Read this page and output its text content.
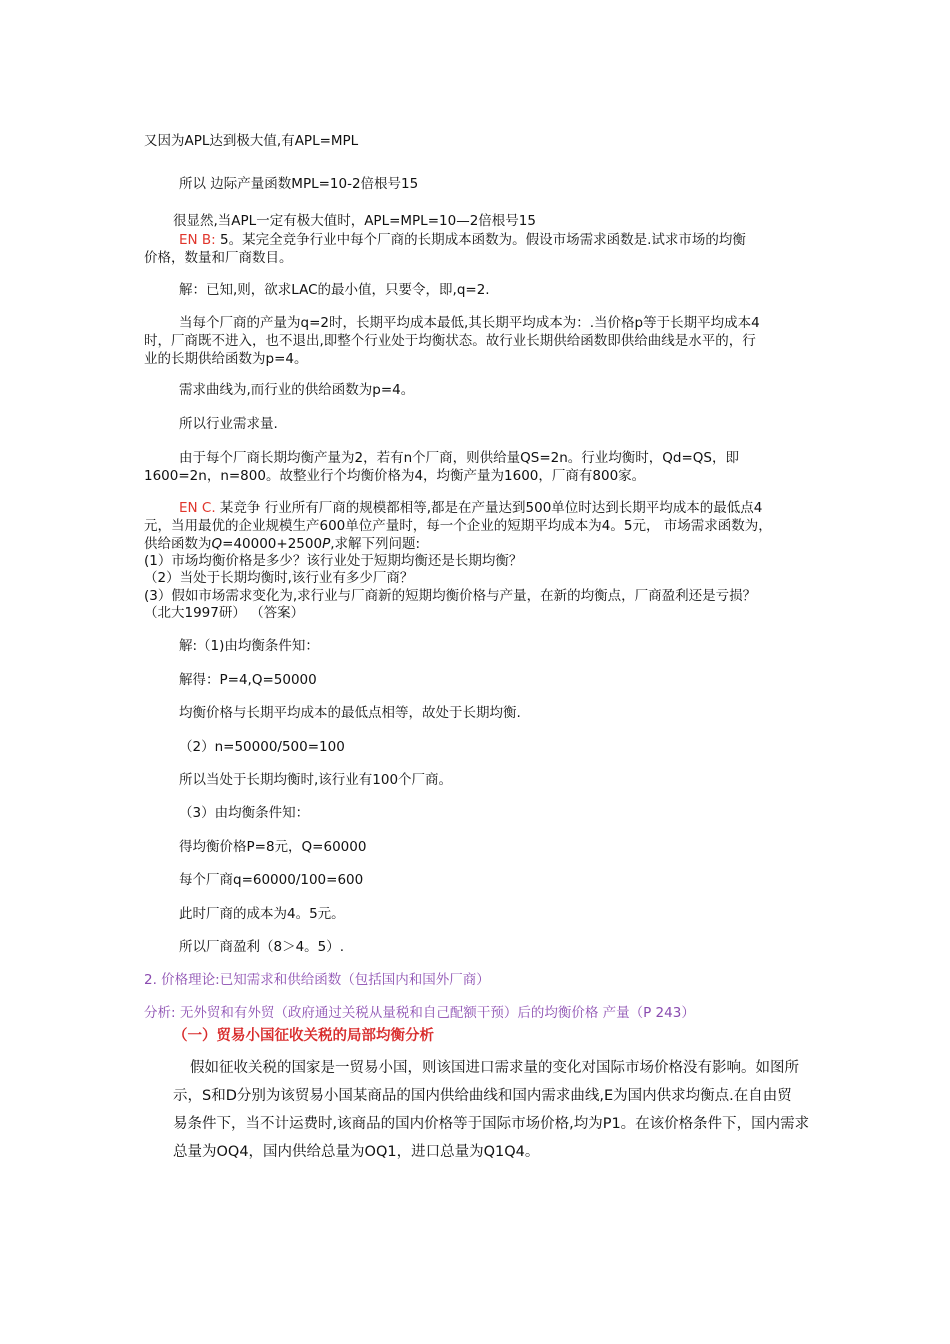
又因为APL达到极大值,有APL=MPL
所以 边际产量函数MPL=10-2倍根号15
很显然,当APL一定有极大值时，APL=MPL=10—2倍根号15
EN B: 5。某完全竞争行业中每个厂商的长期成本函数为。假设市场需求函数是.试求市场的均衡
价格，数量和厂商数目。
解：已知,则，欲求LAC的最小值，只要令，即,q=2.
当每个厂商的产量为q=2时，长期平均成本最低,其长期平均成本为：.当价格p等于长期平均成本4
时，厂商既不进入，也不退出,即整个行业处于均衡状态。故行业长期供给函数即供给曲线是水平的，行
业的长期供给函数为p=4。
需求曲线为,而行业的供给函数为p=4。
所以行业需求量.
由于每个厂商长期均衡产量为2，若有n个厂商，则供给量QS=2n。行业均衡时，Qd=QS，即
1600=2n，n=800。故整业行个均衡价格为4，均衡产量为1600，厂商有800家。
EN C. 某竞争 行业所有厂商的规模都相等,都是在产量达到500单位时达到长期平均成本的最低点4
元，当用最优的企业规模生产600单位产量时，每一个企业的短期平均成本为4。5元， 市场需求函数为，
供给函数为Q=40000+2500P,求解下列问题:
(1）市场均衡价格是多少？该行业处于短期均衡还是长期均衡？
（2）当处于长期均衡时,该行业有多少厂商？
(3）假如市场需求变化为,求行业与厂商新的短期均衡价格与产量，在新的均衡点，厂商盈利还是亏损？
（北大1997研） （答案）
解:（1)由均衡条件知：
解得：P=4,Q=50000
均衡价格与长期平均成本的最低点相等，故处于长期均衡.
（2）n=50000/500=100
所以当处于长期均衡时,该行业有100个厂商。
（3）由均衡条件知：
得均衡价格P=8元，Q=60000
每个厂商q=60000/100=600
此时厂商的成本为4。5元。
所以厂商盈利（8＞4。5）.
2. 价格理论:已知需求和供给函数（包括国内和国外厂商）
分析: 无外贸和有外贸（政府通过关税从量税和自己配额干预）后的均衡价格 产量（P 243）
（一）贸易小国征收关税的局部均衡分析
假如征收关税的国家是一贸易小国，则该国进口需求量的变化对国际市场价格没有影响。如图所
示，S和D分别为该贸易小国某商品的国内供给曲线和国内需求曲线,E为国内供求均衡点.在自由贸
易条件下，当不计运费时,该商品的国内价格等于国际市场价格,均为P1。在该价格条件下，国内需求
总量为OQ4，国内供给总量为OQ1，进口总量为Q1Q4。
